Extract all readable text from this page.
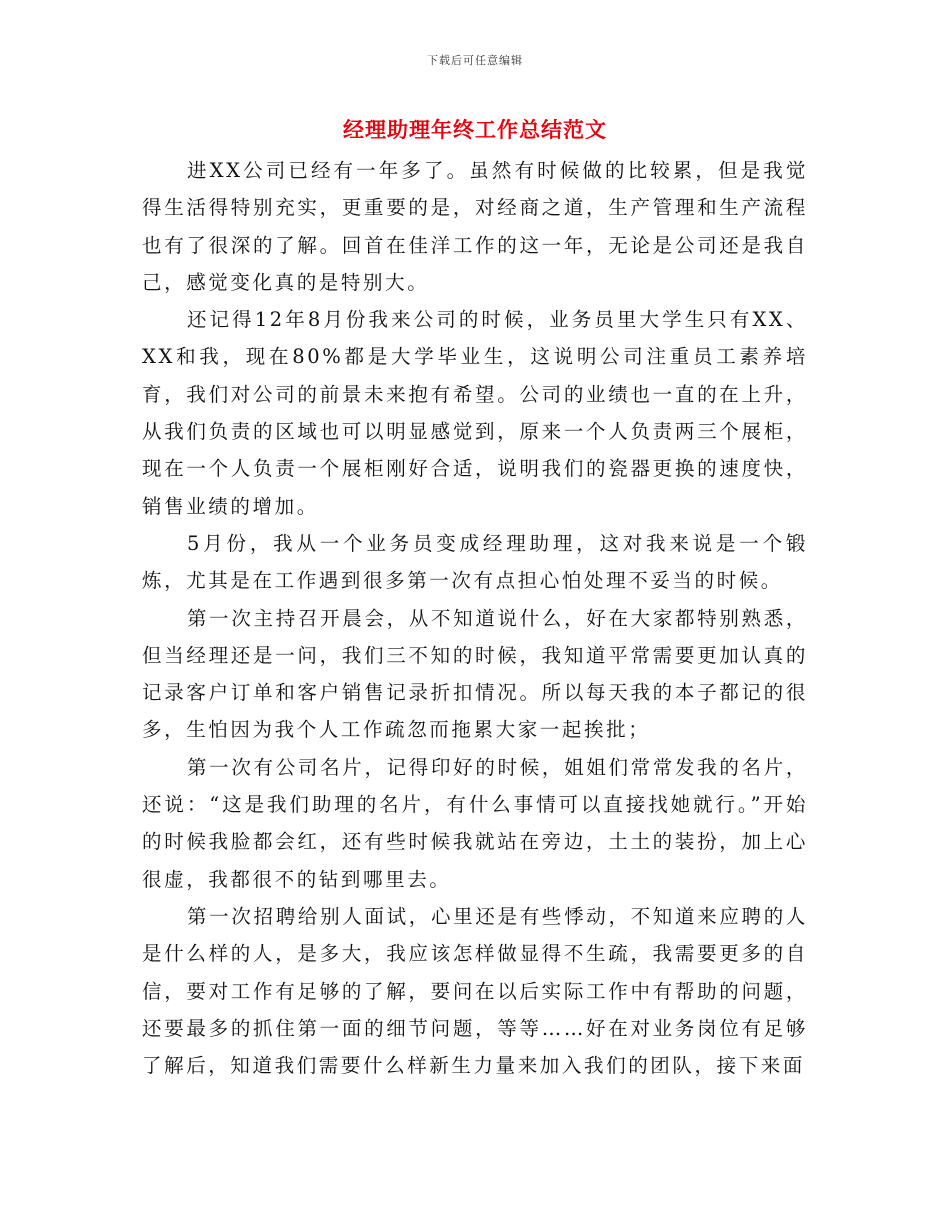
下载后可任意编辑
经理助理年终工作总结范文

进XX公司已经有一年多了。虽然有时候做的比较累，但是我觉得生活得特别充实，更重要的是，对经商之道，生产管理和生产流程也有了很深的了解。回首在佳洋工作的这一年，无论是公司还是我自己，感觉变化真的是特别大。

还记得12年8月份我来公司的时候，业务员里大学生只有XX、XX和我，现在80%都是大学毕业生，这说明公司注重员工素养培育，我们对公司的前景未来抱有希望。公司的业绩也一直的在上升，从我们负责的区域也可以明显感觉到，原来一个人负责两三个展柜，现在一个人负责一个展柜刚好合适，说明我们的瓷器更换的速度快，销售业绩的增加。

5月份，我从一个业务员变成经理助理，这对我来说是一个锻炼，尤其是在工作遇到很多第一次有点担心怕处理不妥当的时候。

第一次主持召开晨会，从不知道说什么，好在大家都特别熟悉，但当经理还是一问，我们三不知的时候，我知道平常需要更加认真的记录客户订单和客户销售记录折扣情况。所以每天我的本子都记的很多，生怕因为我个人工作疏忽而拖累大家一起挨批；

第一次有公司名片，记得印好的时候，姐姐们常常发我的名片，还说：“这是我们助理的名片，有什么事情可以直接找她就行。”开始的时候我脸都会红，还有些时候我就站在旁边，土土的装扮，加上心很虚，我都很不的钻到哪里去。

第一次招聘给别人面试，心里还是有些悸动，不知道来应聘的人是什么样的人，是多大，我应该怎样做显得不生疏，我需要更多的自信，要对工作有足够的了解，要问在以后实际工作中有帮助的问题，还要最多的抓住第一面的细节问题，等等……好在对业务岗位有足够了解后，知道我们需要什么样新生力量来加入我们的团队，接下来面
